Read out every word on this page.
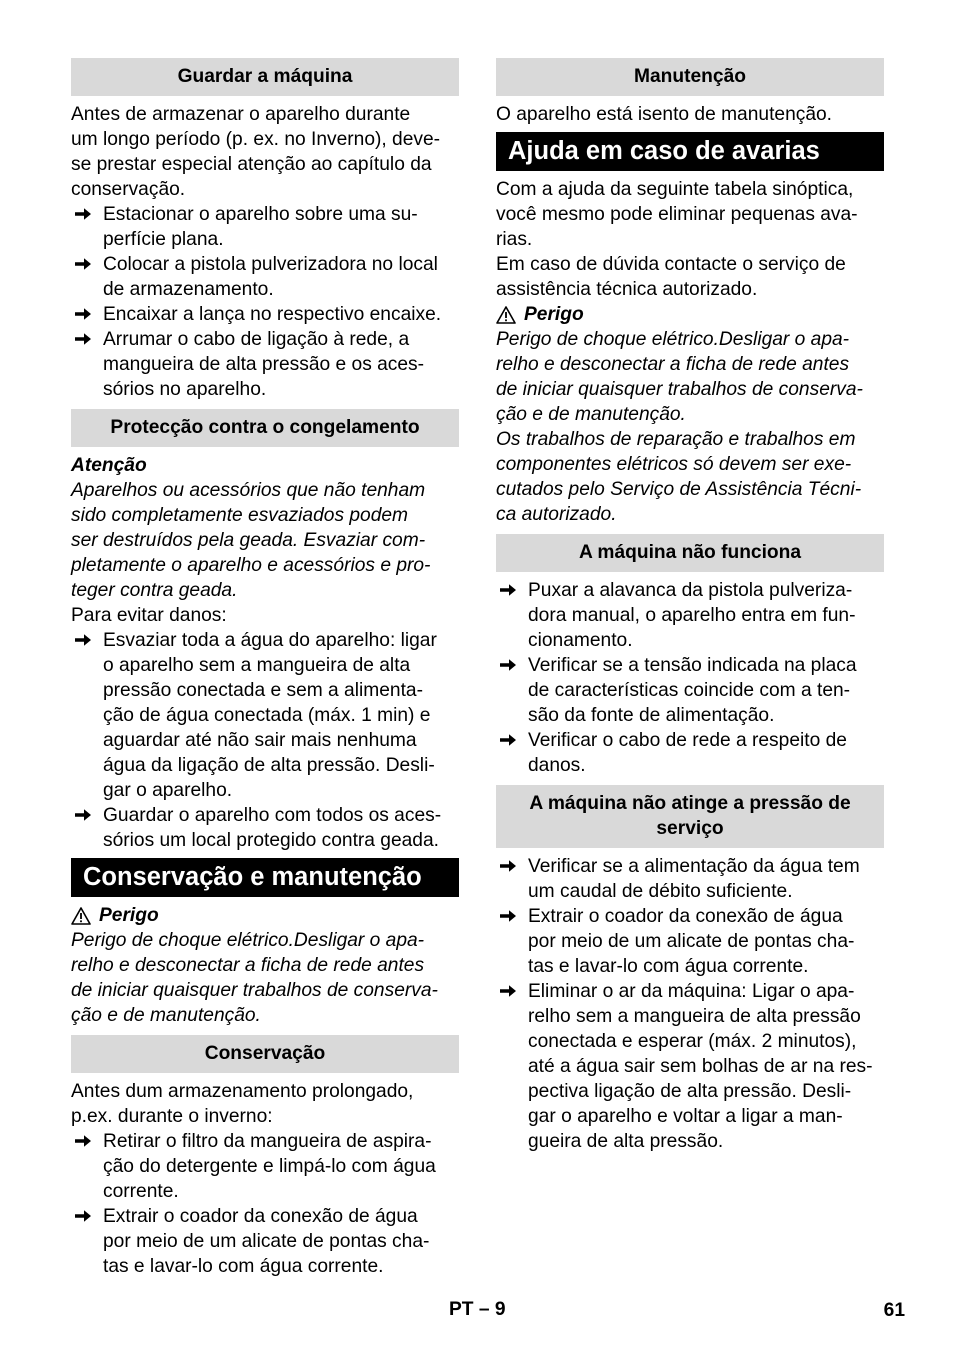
Guardar a máquina
Antes de armazenar o aparelho durante
um longo período (p. ex. no Inverno), deve-
se prestar especial atenção ao capítulo da
conservação.
Estacionar o aparelho sobre uma su-
perfície plana.
Colocar a pistola pulverizadora no local
de armazenamento.
Encaixar a lança no respectivo encaixe.
Arrumar o cabo de ligação à rede, a
mangueira de alta pressão e os aces-
sórios no aparelho.
Protecção contra o congelamento
Atenção
Aparelhos ou acessórios que não tenham
sido completamente esvaziados podem
ser destruídos pela geada. Esvaziar com-
pletamente o aparelho e acessórios e pro-
teger contra geada.
Para evitar danos:
Esvaziar toda a água do aparelho: ligar
o aparelho sem a mangueira de alta
pressão conectada e sem a alimenta-
ção de água conectada (máx. 1 min) e
aguardar até não sair mais nenhuma
água da ligação de alta pressão. Desli-
gar o aparelho.
Guardar o aparelho com todos os aces-
sórios um local protegido contra geada.
Conservação e manutenção
Perigo
Perigo de choque elétrico.Desligar o apa-
relho e desconectar a ficha de rede antes
de iniciar quaisquer trabalhos de conserva-
ção e de manutenção.
Conservação
Antes dum armazenamento prolongado,
p.ex. durante o inverno:
Retirar o filtro da mangueira de aspira-
ção do detergente e limpá-lo com água
corrente.
Extrair o coador da conexão de água
por meio de um alicate de pontas cha-
tas e lavar-lo com água corrente.
Manutenção
O aparelho está isento de manutenção.
Ajuda em caso de avarias
Com a ajuda da seguinte tabela sinóptica,
você mesmo pode eliminar pequenas ava-
rias.
Em caso de dúvida contacte o serviço de
assistência técnica autorizado.
Perigo
Perigo de choque elétrico.Desligar o apa-
relho e desconectar a ficha de rede antes
de iniciar quaisquer trabalhos de conserva-
ção e de manutenção.
Os trabalhos de reparação e trabalhos em
componentes elétricos só devem ser exe-
cutados pelo Serviço de Assistência Técni-
ca autorizado.
A máquina não funciona
Puxar a alavanca da pistola pulveriza-
dora manual, o aparelho entra em fun-
cionamento.
Verificar se a tensão indicada na placa
de características coincide com a ten-
são da fonte de alimentação.
Verificar o cabo de rede a respeito de
danos.
A máquina não atinge a pressão de
serviço
Verificar se a alimentação da água tem
um caudal de débito suficiente.
Extrair o coador da conexão de água
por meio de um alicate de pontas cha-
tas e lavar-lo com água corrente.
Eliminar o ar da máquina: Ligar o apa-
relho sem a mangueira de alta pressão
conectada e esperar (máx. 2 minutos),
até a água sair sem bolhas de ar na res-
pectiva ligação de alta pressão. Desli-
gar o aparelho e voltar a ligar a man-
gueira de alta pressão.
PT – 9	61
